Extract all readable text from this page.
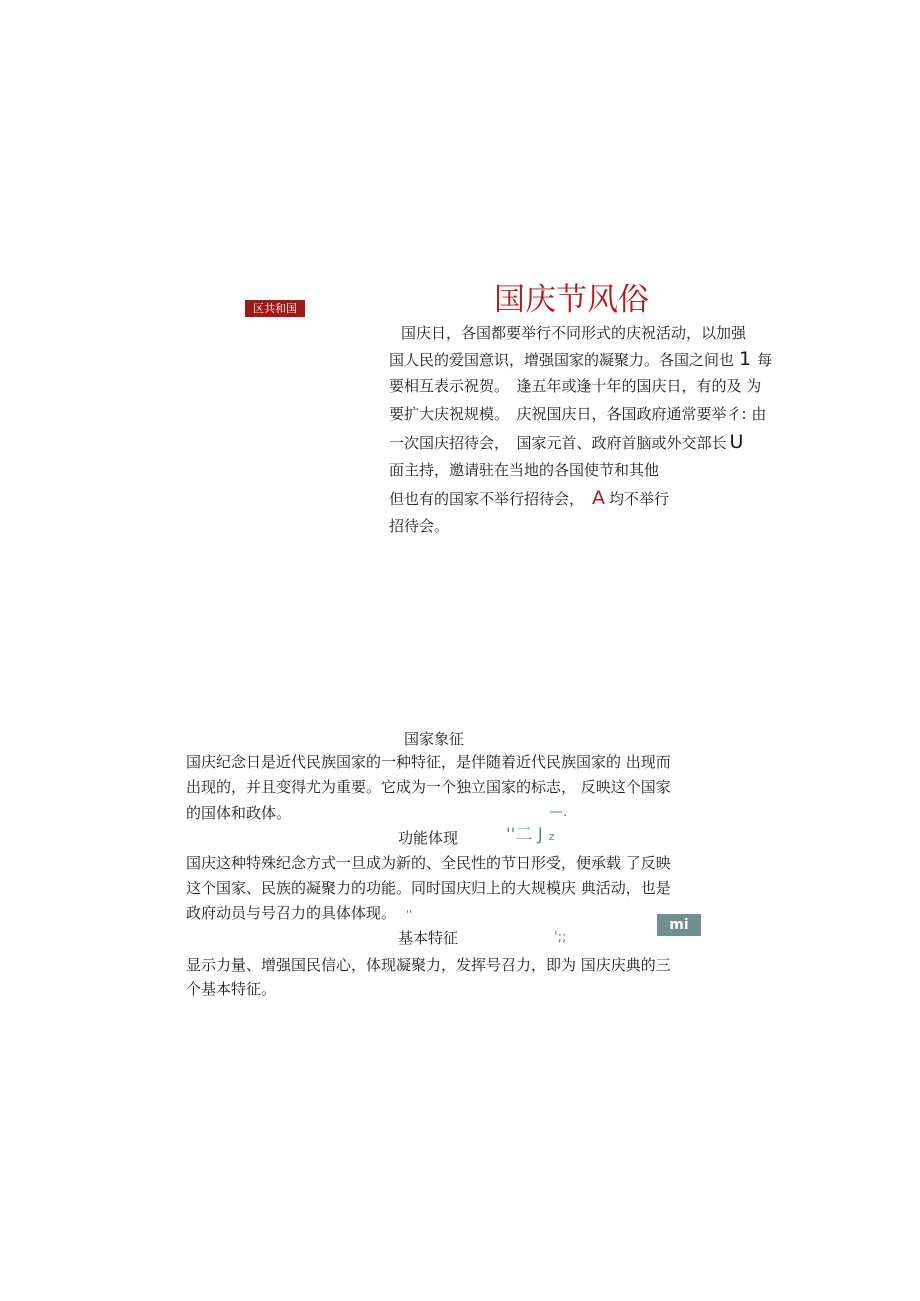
区共和国	国庆节风俗
国庆日，各国都要举行不同形式的庆祝活动，以加强
国人民的爱国意识，增强国家的凝聚力。各国之间也 1 每
要相互表示祝贺。　逢五年或逢十年的国庆日，有的及 为
要扩大庆祝规模。　庆祝国庆日，各国政府通常要举彳: 由
一次国庆招待会，　国家元首、政府首脑或外交部长 U
面主持，邀请驻在当地的各国使节和其他
但也有的国家不举行招待会， A 均不举行
招待会。
国家象征
国庆纪念日是近代民族国家的一种特征，是伴随着近代民族国家的 出现而
出现的，并且变得尤为重要。它成为一个独立国家的标志， 反映这个国家
的国体和政体。	—.
功能体现	''二 J z
国庆这种特殊纪念方式一旦成为新的、全民性的节日形受，便承载 了反映
这个国家、民族的凝聚力的功能。同时国庆归上的大规模庆 典活动，也是
政府动员与号召力的具体体现。 ''
基本特征	';;
mi
显示力量、增强国民信心，体现凝聚力，发挥号召力，即为 国庆庆典的三
个基本特征。
